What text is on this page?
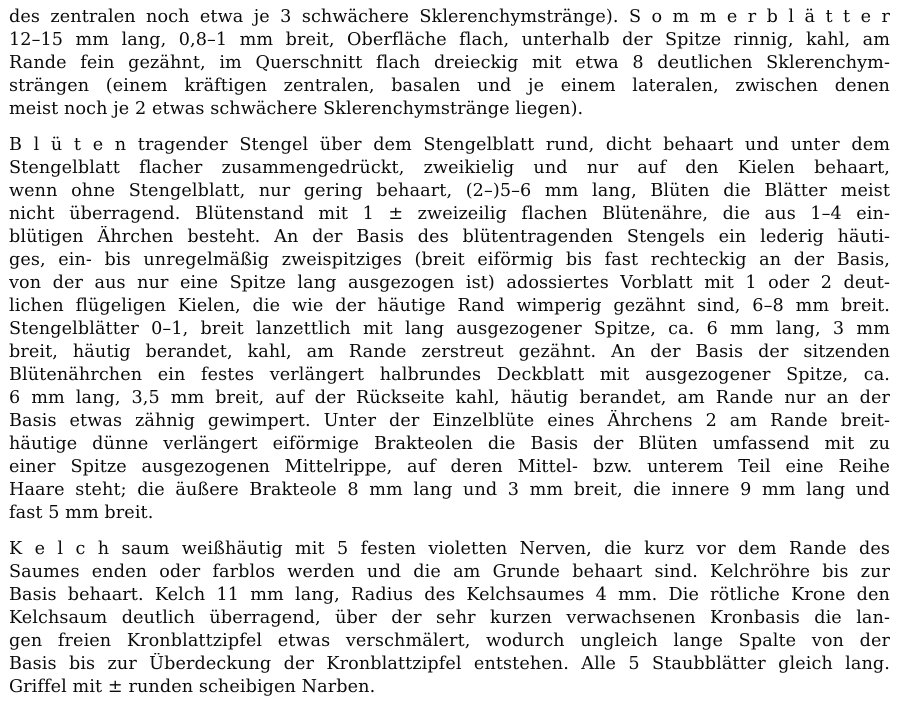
des zentralen noch etwa je 3 schwächere Sklerenchymstränge). S o m m e r b l ä t t e r
12–15 mm lang, 0,8–1 mm breit, Oberfläche flach, unterhalb der Spitze rinnig, kahl, am
Rande fein gezähnt, im Querschnitt flach dreieckig mit etwa 8 deutlichen Sklerenchym-
strängen (einem kräftigen zentralen, basalen und je einem lateralen, zwischen denen
meist noch je 2 etwas schwächere Sklerenchymstränge liegen).
B l ü t e n tragender Stengel über dem Stengelblatt rund, dicht behaart und unter dem
Stengelblatt flacher zusammengedrückt, zweikielig und nur auf den Kielen behaart,
wenn ohne Stengelblatt, nur gering behaart, (2–)5–6 mm lang, Blüten die Blätter meist
nicht überragend. Blütenstand mit 1 ± zweizeilig flachen Blütenähre, die aus 1–4 ein-
blütigen Ährchen besteht. An der Basis des blütentragenden Stengels ein lederig häuti-
ges, ein- bis unregelmäßig zweispitziges (breit eiförmig bis fast rechteckig an der Basis,
von der aus nur eine Spitze lang ausgezogen ist) adossiertes Vorblatt mit 1 oder 2 deut-
lichen flügeligen Kielen, die wie der häutige Rand wimperig gezähnt sind, 6–8 mm breit.
Stengelblätter 0–1, breit lanzettlich mit lang ausgezogener Spitze, ca. 6 mm lang, 3 mm
breit, häutig berandet, kahl, am Rande zerstreut gezähnt. An der Basis der sitzenden
Blütenährchen ein festes verlängert halbrundes Deckblatt mit ausgezogener Spitze, ca.
6 mm lang, 3,5 mm breit, auf der Rückseite kahl, häutig berandet, am Rande nur an der
Basis etwas zähnig gewimpert. Unter der Einzelblüte eines Ährchens 2 am Rande breit-
häutige dünne verlängert eiförmige Brakteolen die Basis der Blüten umfassend mit zu
einer Spitze ausgezogenen Mittelrippe, auf deren Mittel- bzw. unterem Teil eine Reihe
Haare steht; die äußere Brakteole 8 mm lang und 3 mm breit, die innere 9 mm lang und
fast 5 mm breit.
K e l c h saum weißhäutig mit 5 festen violetten Nerven, die kurz vor dem Rande des
Saumes enden oder farblos werden und die am Grunde behaart sind. Kelchröhre bis zur
Basis behaart. Kelch 11 mm lang, Radius des Kelchsaumes 4 mm. Die rötliche Krone den
Kelchsaum deutlich überragend, über der sehr kurzen verwachsenen Kronbasis die lan-
gen freien Kronblattzipfel etwas verschmälert, wodurch ungleich lange Spalte von der
Basis bis zur Überdeckung der Kronblattzipfel entstehen. Alle 5 Staubblätter gleich lang.
Griffel mit ± runden scheibigen Narben.
